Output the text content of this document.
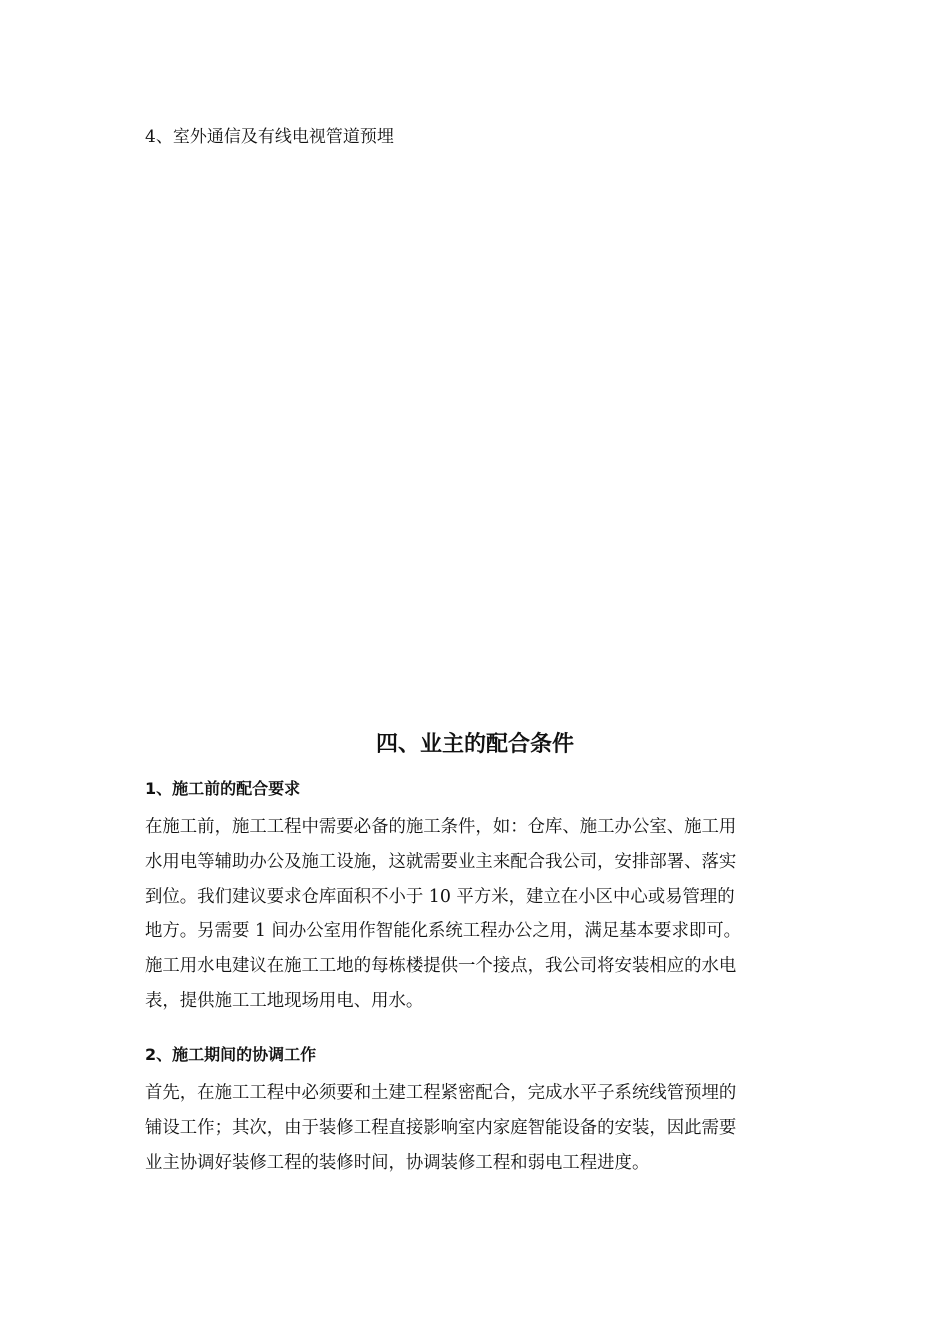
4、室外通信及有线电视管道预埋
四、业主的配合条件
1、施工前的配合要求
在施工前，施工工程中需要必备的施工条件，如：仓库、施工办公室、施工用
水用电等辅助办公及施工设施，这就需要业主来配合我公司，安排部署、落实
到位。我们建议要求仓库面积不小于 10 平方米，建立在小区中心或易管理的
地方。另需要 1 间办公室用作智能化系统工程办公之用，满足基本要求即可。
施工用水电建议在施工工地的每栋楼提供一个接点，我公司将安装相应的水电
表，提供施工工地现场用电、用水。
2、施工期间的协调工作
首先，在施工工程中必须要和土建工程紧密配合，完成水平子系统线管预埋的
铺设工作；其次，由于装修工程直接影响室内家庭智能设备的安装，因此需要
业主协调好装修工程的装修时间，协调装修工程和弱电工程进度。
